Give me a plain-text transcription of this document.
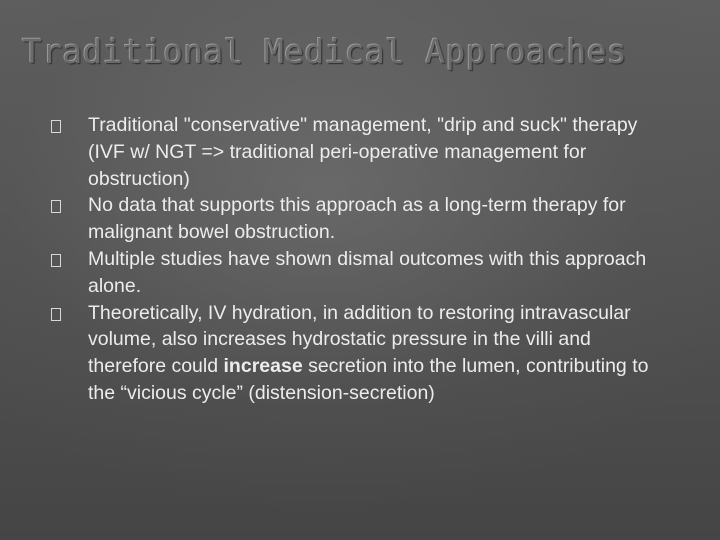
Traditional Medical Approaches
Traditional "conservative" management, "drip and suck" therapy (IVF w/ NGT => traditional peri-operative management for obstruction)
No data that supports this approach as a long-term therapy for malignant bowel obstruction.
Multiple studies have shown dismal outcomes with this approach alone.
Theoretically, IV hydration, in addition to restoring intravascular volume, also increases hydrostatic pressure in the villi and therefore could increase secretion into the lumen, contributing to the “vicious cycle” (distension-secretion)
